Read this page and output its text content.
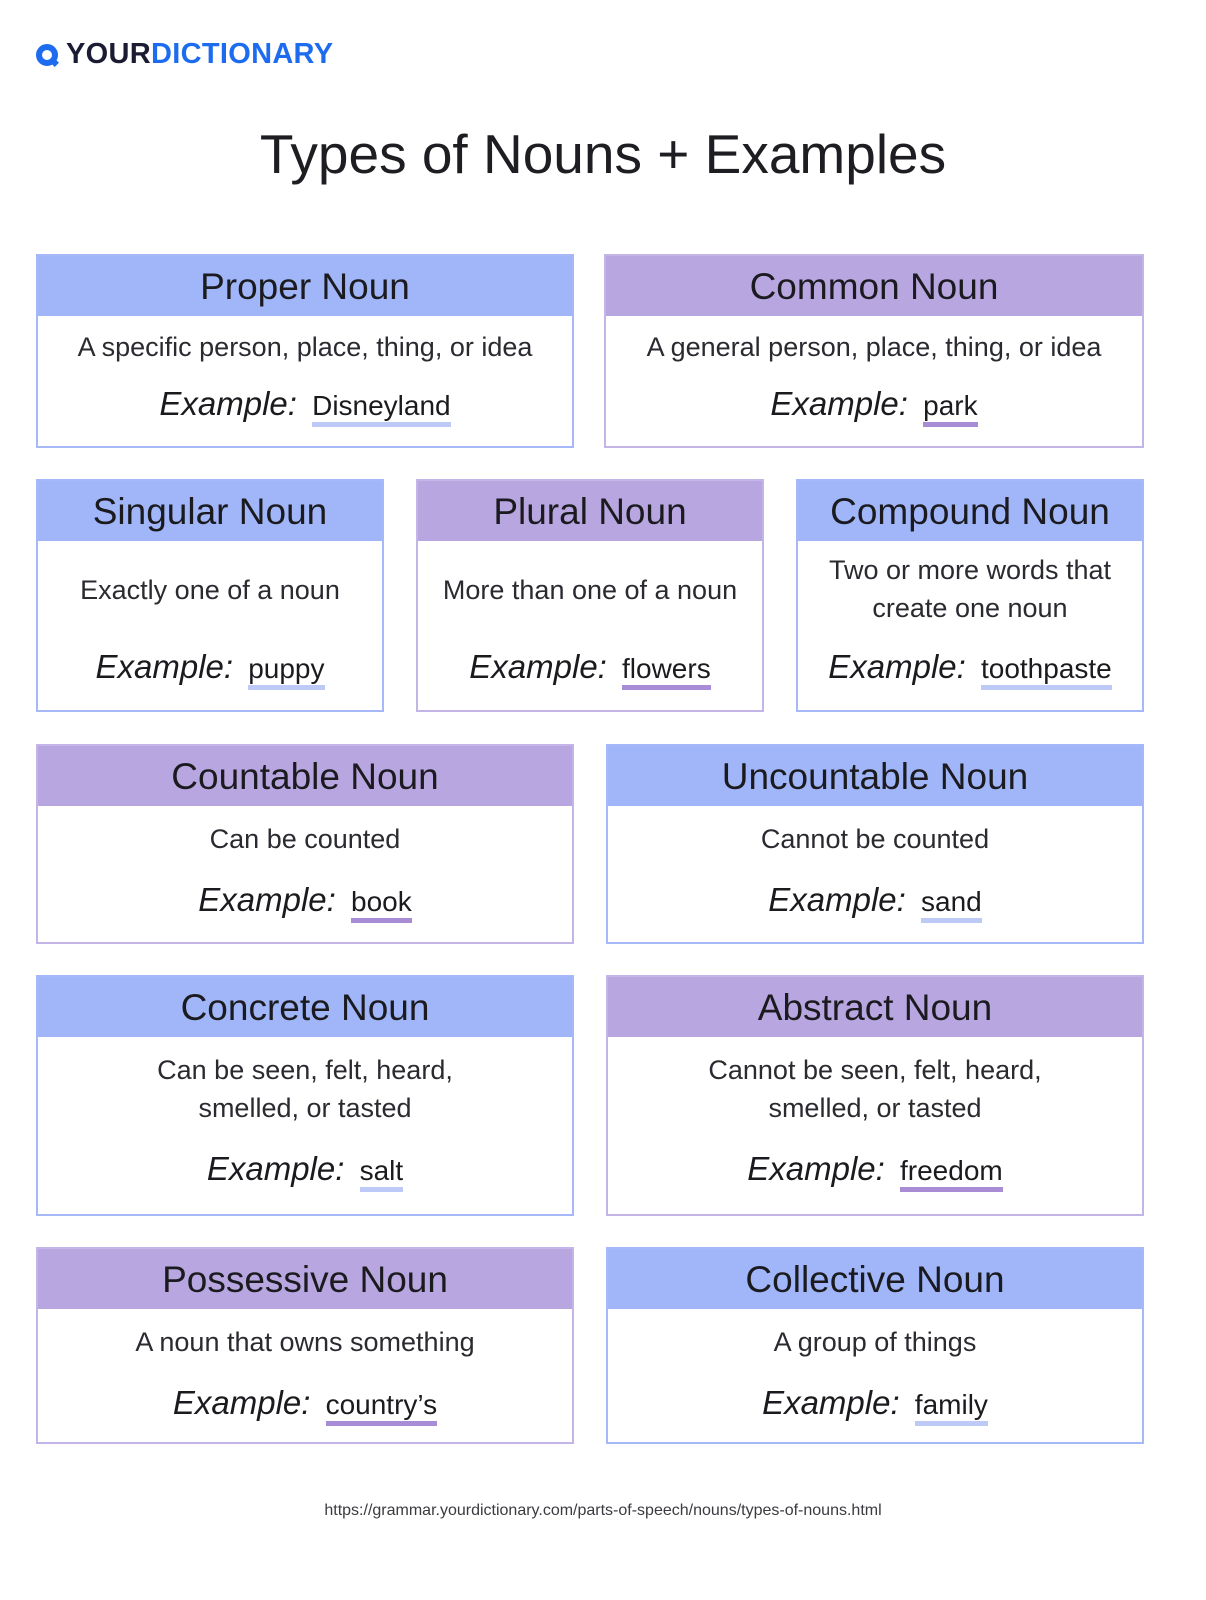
YOURDICTIONARY
Types of Nouns + Examples
Proper Noun
A specific person, place, thing, or idea
Example: Disneyland
Common Noun
A general person, place, thing, or idea
Example: park
Singular Noun
Exactly one of a noun
Example: puppy
Plural Noun
More than one of a noun
Example: flowers
Compound Noun
Two or more words that create one noun
Example: toothpaste
Countable Noun
Can be counted
Example: book
Uncountable Noun
Cannot be counted
Example: sand
Concrete Noun
Can be seen, felt, heard, smelled, or tasted
Example: salt
Abstract Noun
Cannot be seen, felt, heard, smelled, or tasted
Example: freedom
Possessive Noun
A noun that owns something
Example: country’s
Collective Noun
A group of things
Example: family
https://grammar.yourdictionary.com/parts-of-speech/nouns/types-of-nouns.html
